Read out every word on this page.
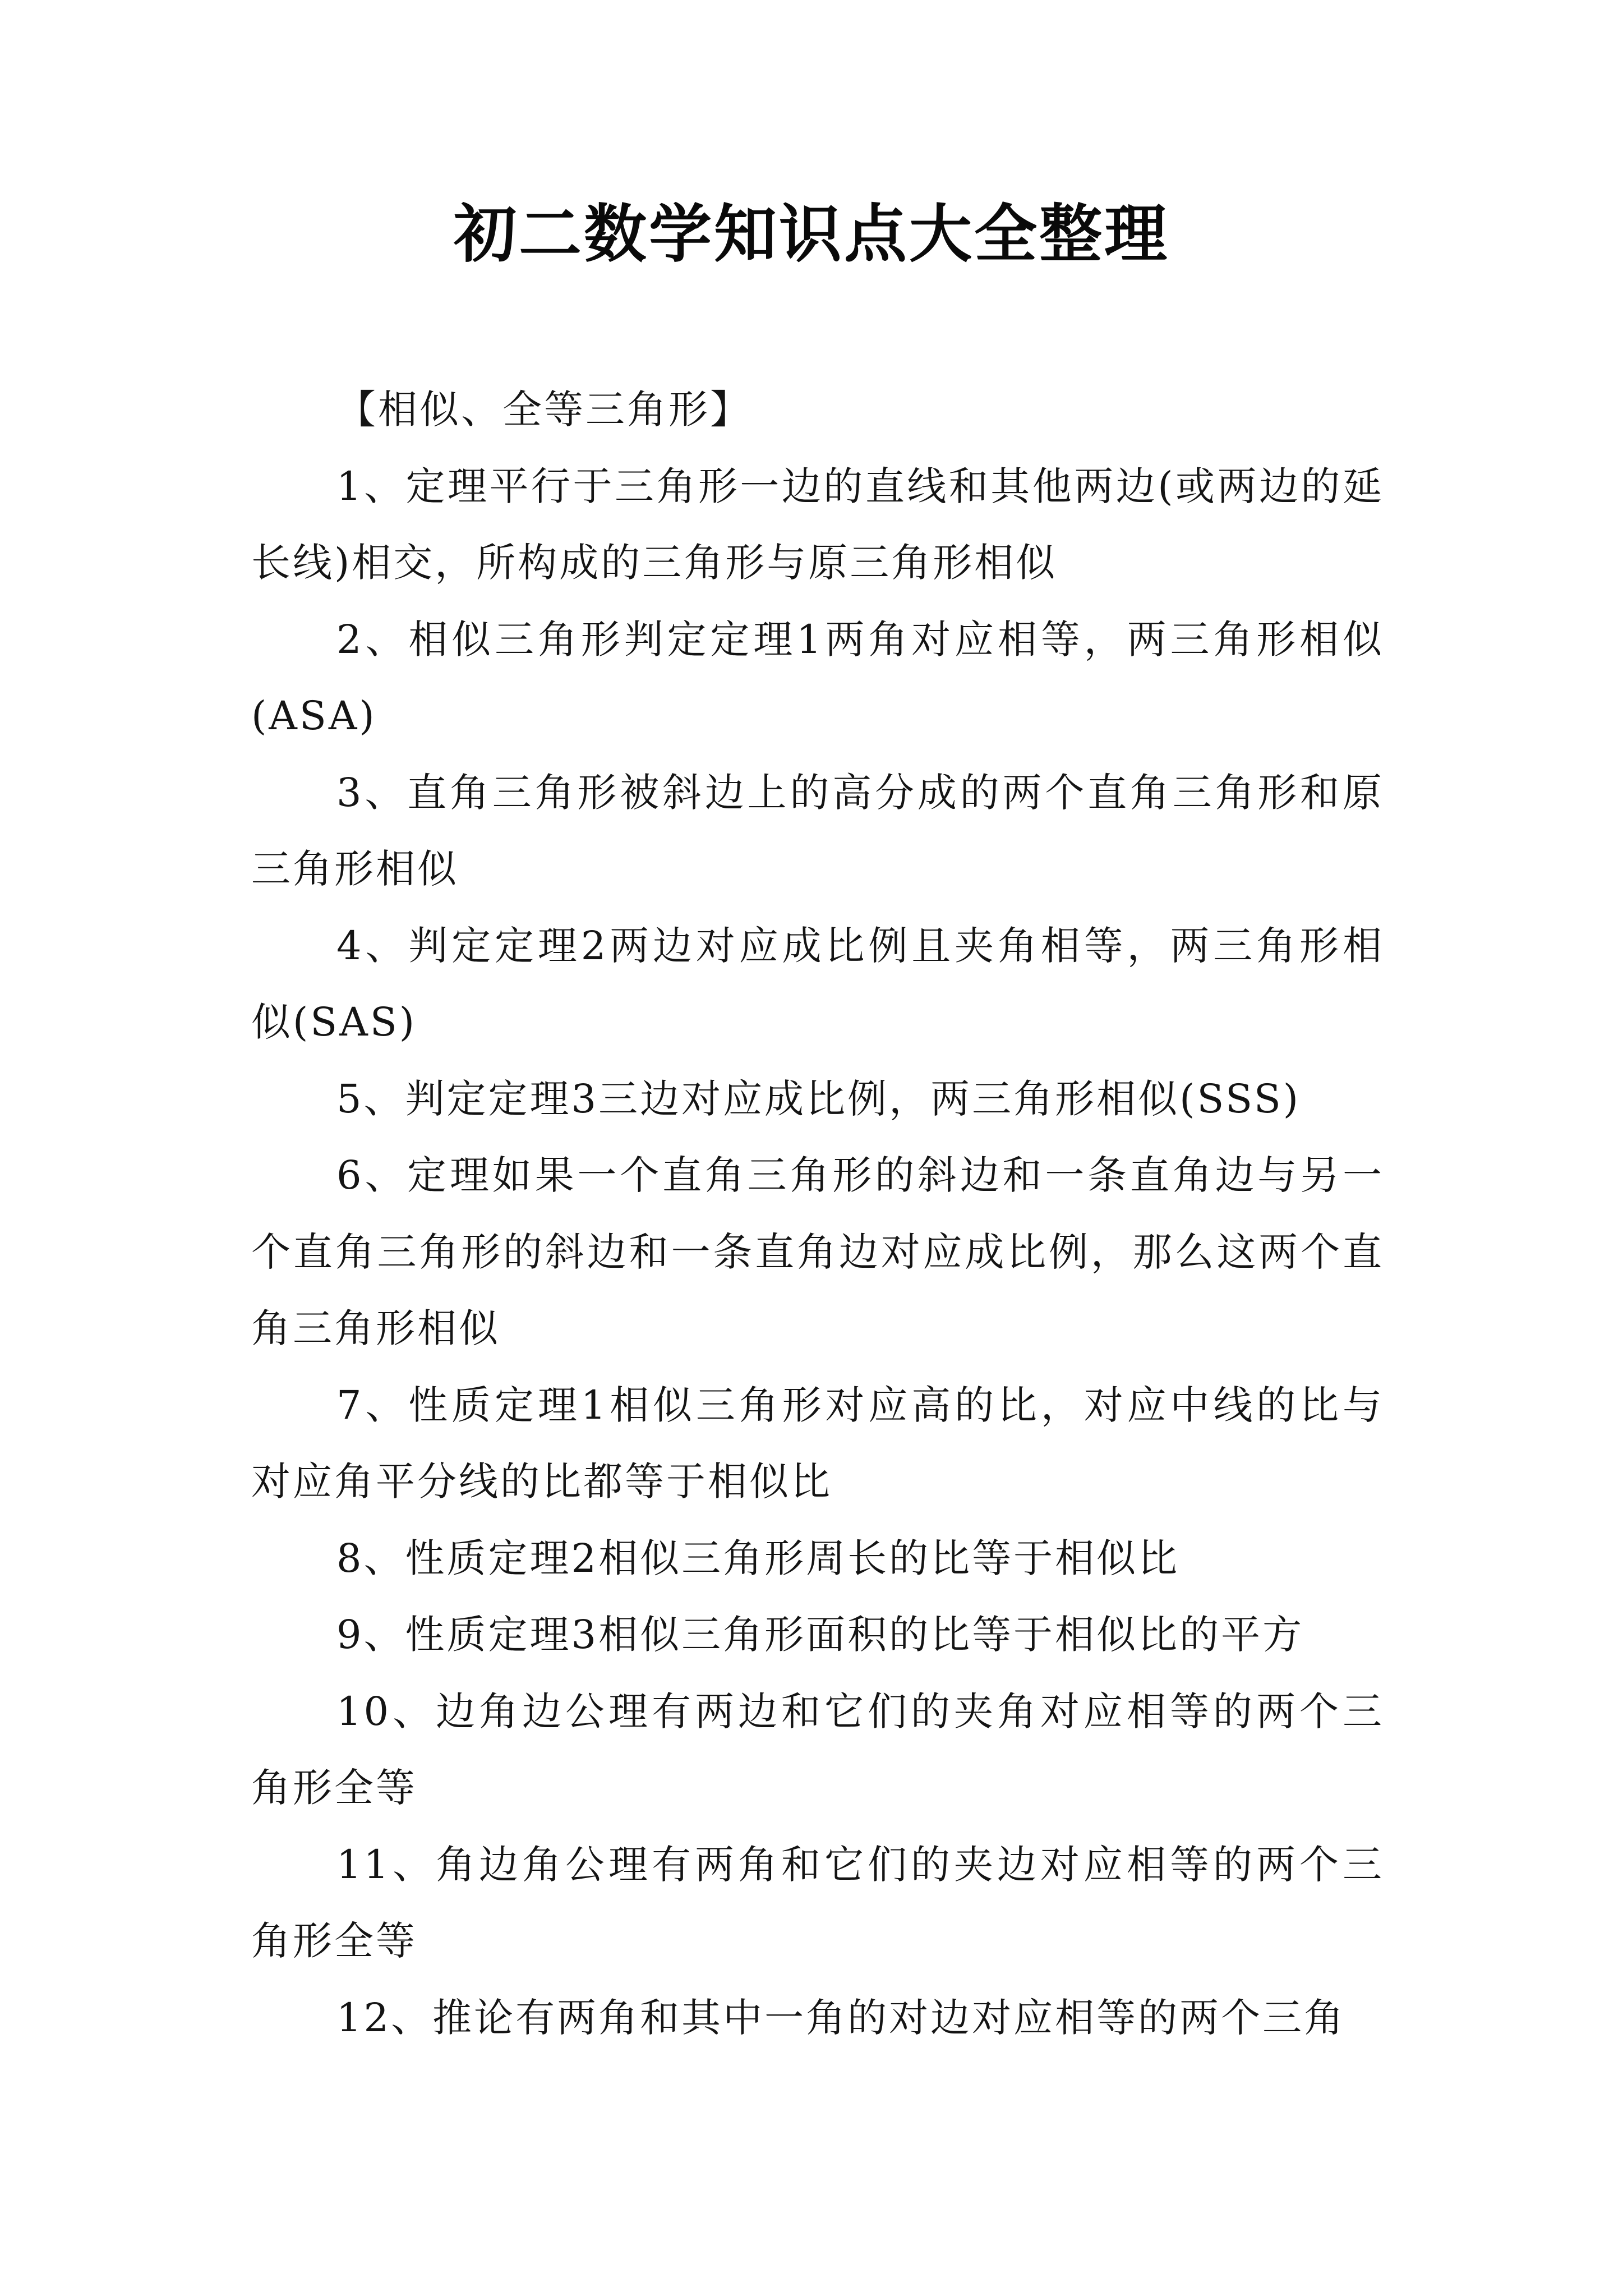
初二数学知识点大全整理

【相似、全等三角形】

1、定理平行于三角形一边的直线和其他两边(或两边的延长线)相交，所构成的三角形与原三角形相似

2、相似三角形判定定理1两角对应相等，两三角形相似(ASA)

3、直角三角形被斜边上的高分成的两个直角三角形和原三角形相似

4、判定定理2两边对应成比例且夹角相等，两三角形相似(SAS)

5、判定定理3三边对应成比例，两三角形相似(SSS)

6、定理如果一个直角三角形的斜边和一条直角边与另一个直角三角形的斜边和一条直角边对应成比例，那么这两个直角三角形相似

7、性质定理1相似三角形对应高的比，对应中线的比与对应角平分线的比都等于相似比

8、性质定理2相似三角形周长的比等于相似比

9、性质定理3相似三角形面积的比等于相似比的平方

10、边角边公理有两边和它们的夹角对应相等的两个三角形全等

11、角边角公理有两角和它们的夹边对应相等的两个三角形全等

12、推论有两角和其中一角的对边对应相等的两个三角
